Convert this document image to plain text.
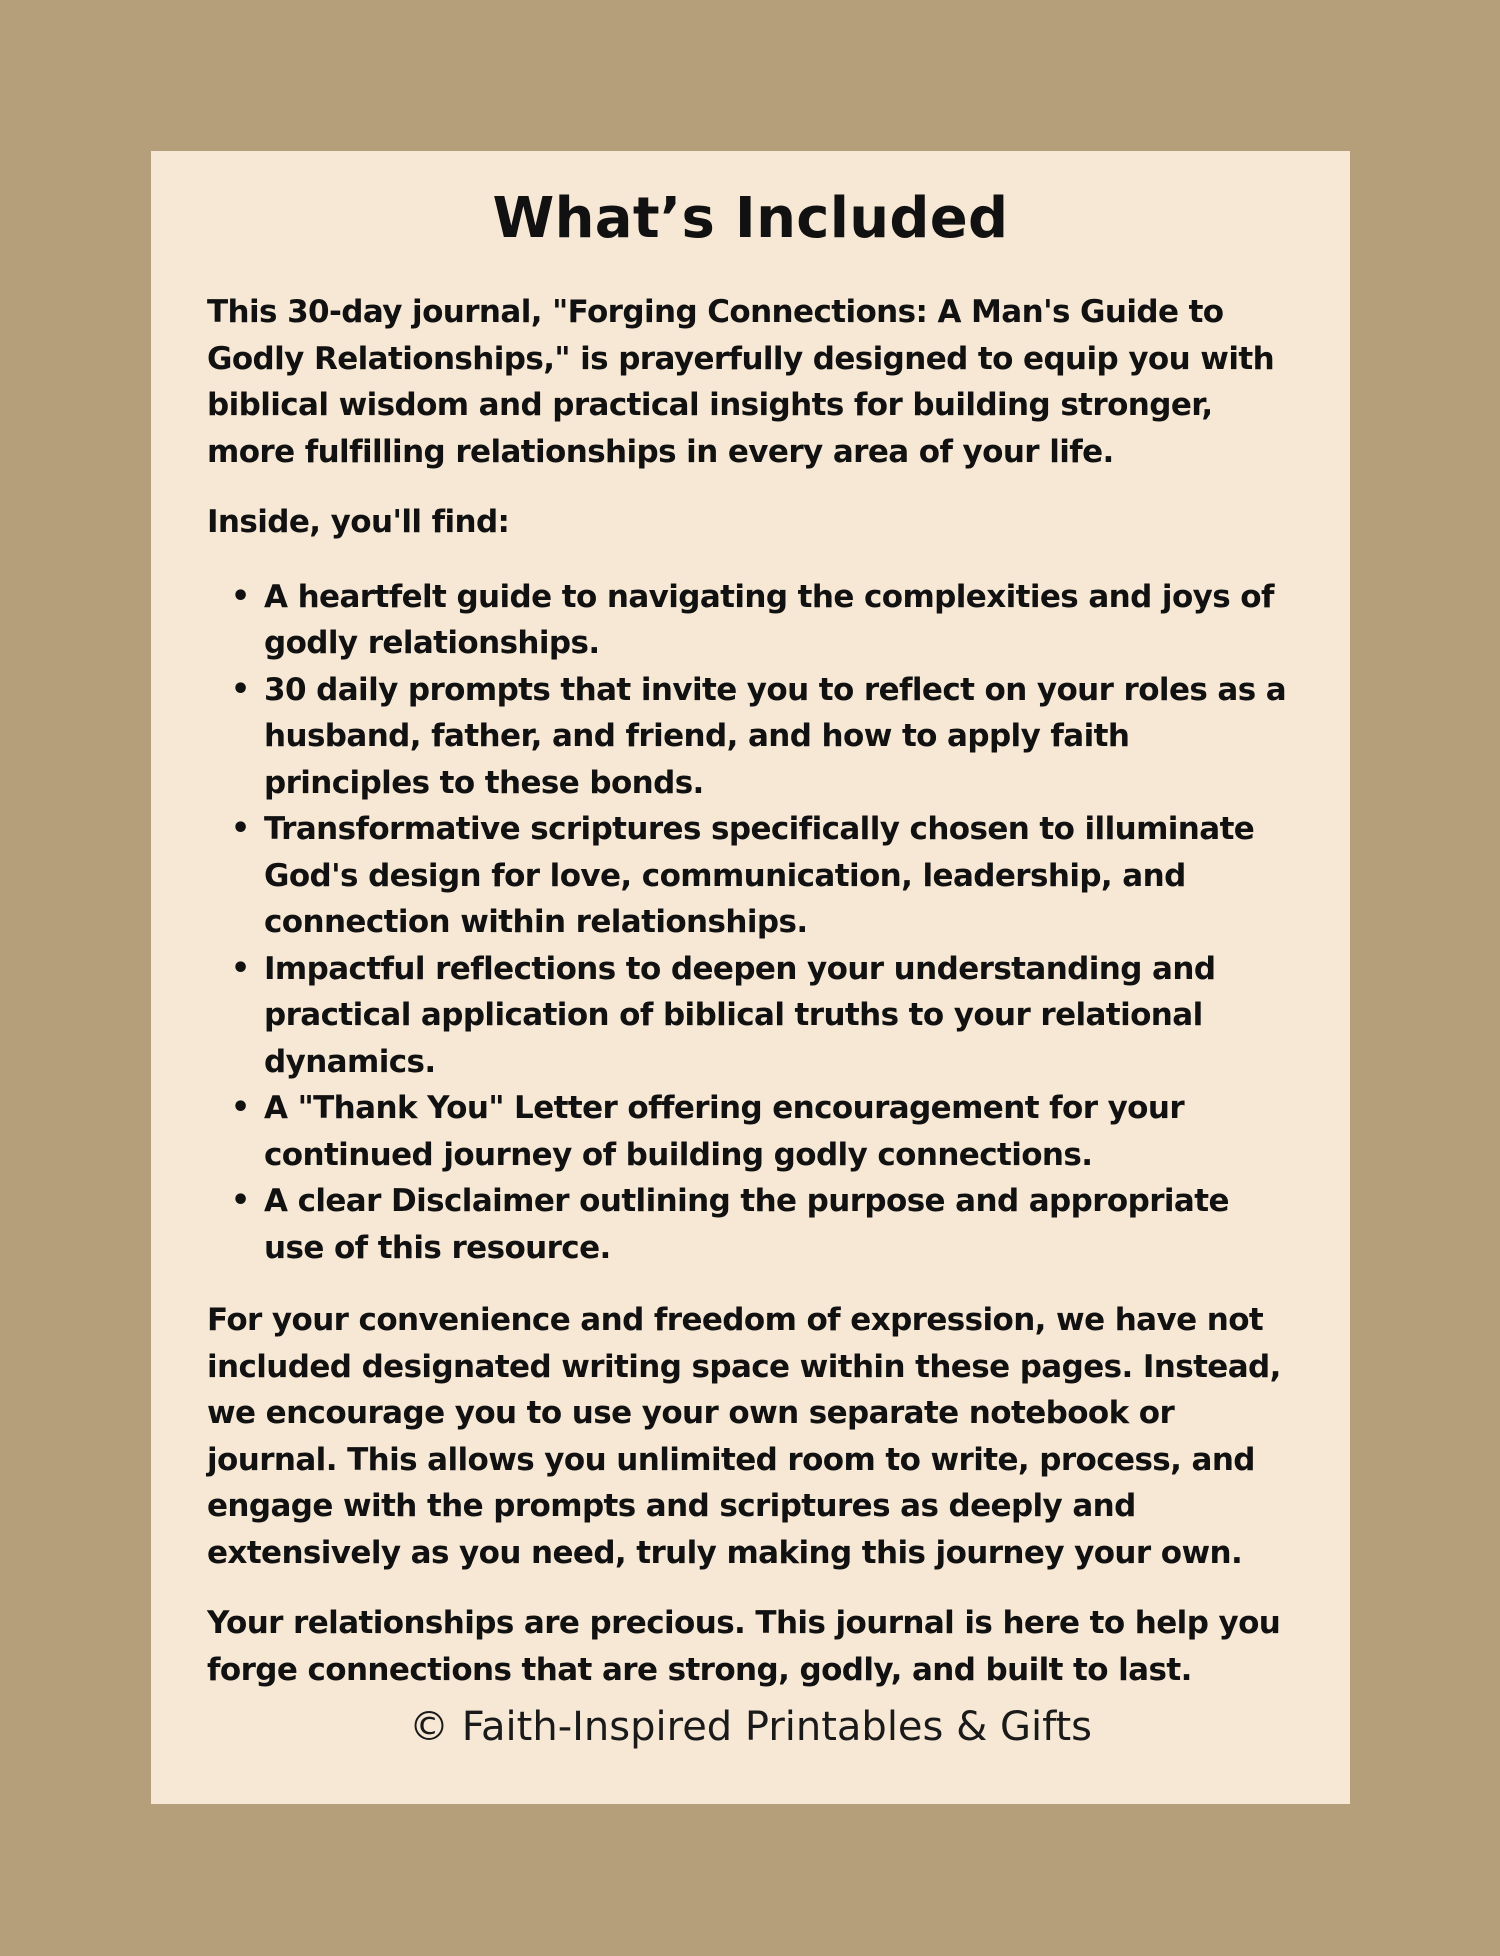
What’s Included

This 30-day journal, "Forging Connections: A Man's Guide to Godly Relationships," is prayerfully designed to equip you with biblical wisdom and practical insights for building stronger, more fulfilling relationships in every area of your life.

Inside, you'll find:

• A heartfelt guide to navigating the complexities and joys of godly relationships.
• 30 daily prompts that invite you to reflect on your roles as a husband, father, and friend, and how to apply faith principles to these bonds.
• Transformative scriptures specifically chosen to illuminate God's design for love, communication, leadership, and connection within relationships.
• Impactful reflections to deepen your understanding and practical application of biblical truths to your relational dynamics.
• A "Thank You" Letter offering encouragement for your continued journey of building godly connections.
• A clear Disclaimer outlining the purpose and appropriate use of this resource.

For your convenience and freedom of expression, we have not included designated writing space within these pages. Instead, we encourage you to use your own separate notebook or journal. This allows you unlimited room to write, process, and engage with the prompts and scriptures as deeply and extensively as you need, truly making this journey your own.

Your relationships are precious. This journal is here to help you forge connections that are strong, godly, and built to last.

© Faith-Inspired Printables & Gifts
